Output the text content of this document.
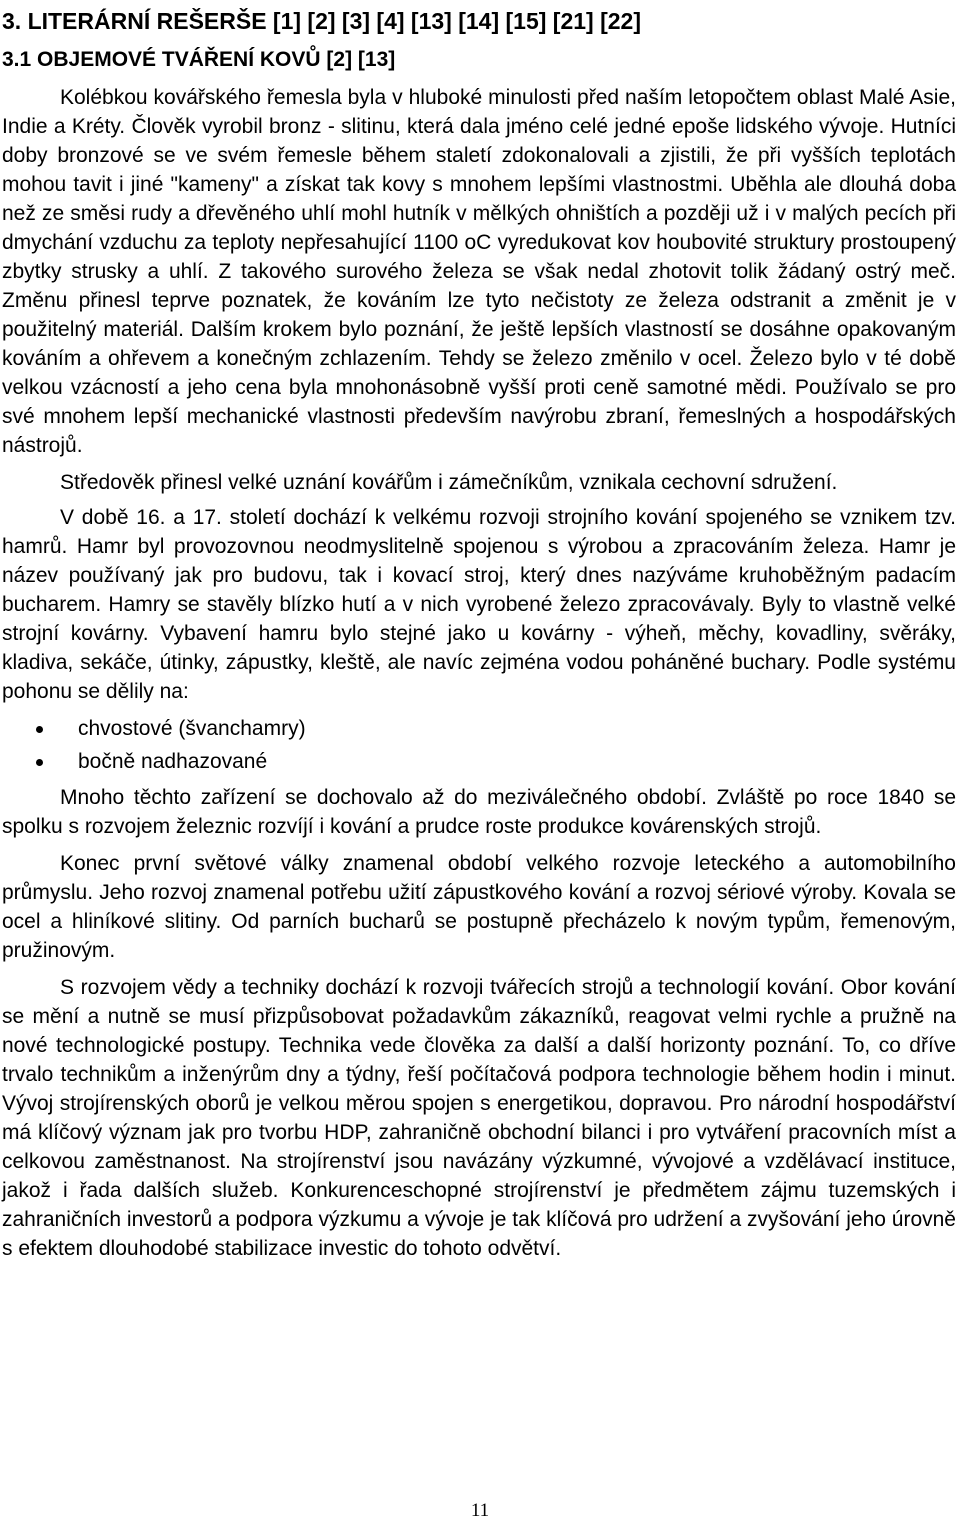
3. LITERÁRNÍ REŠERŠE [1] [2] [3] [4] [13] [14] [15] [21] [22]
3.1 OBJEMOVÉ TVÁŘENÍ KOVŮ [2] [13]

Kolébkou kovářského řemesla byla v hluboké minulosti před naším letopočtem oblast Malé Asie, Indie a Kréty. Člověk vyrobil bronz - slitinu, která dala jméno celé jedné epoše lidského vývoje. Hutníci doby bronzové se ve svém řemesle během staletí zdokonalovali a zjistili, že při vyšších teplotách mohou tavit i jiné "kameny" a získat tak kovy s mnohem lepšími vlastnostmi. Uběhla ale dlouhá doba než ze směsi rudy a dřevěného uhlí mohl hutník v mělkých ohništích a později už i v malých pecích při dmychání vzduchu za teploty nepřesahující 1100 oC vyredukovat kov houbovité struktury prostoupený zbytky strusky a uhlí. Z takového surového železa se však nedal zhotovit tolik žádaný ostrý meč. Změnu přinesl teprve poznatek, že kováním lze tyto nečistoty ze železa odstranit a změnit je v použitelný materiál. Dalším krokem bylo poznání, že ještě lepších vlastností se dosáhne opakovaným kováním a ohřevem a konečným zchlazením. Tehdy se železo změnilo v ocel. Železo bylo v té době velkou vzácností a jeho cena byla mnohonásobně vyšší proti ceně samotné mědi. Používalo se pro své mnohem lepší mechanické vlastnosti především navýrobu zbraní, řemeslných a hospodářských nástrojů.

Středověk přinesl velké uznání kovářům i zámečníkům, vznikala cechovní sdružení.

V době 16. a 17. století dochází k velkému rozvoji strojního kování spojeného se vznikem tzv. hamrů. Hamr byl provozovnou neodmyslitelně spojenou s výrobou a zpracováním železa. Hamr je název používaný jak pro budovu, tak i kovací stroj, který dnes nazýváme kruhoběžným padacím bucharem. Hamry se stavěly blízko hutí a v nich vyrobené železo zpracovávaly. Byly to vlastně velké strojní kovárny. Vybavení hamru bylo stejné jako u kovárny - výheň, měchy, kovadliny, svěráky, kladiva, sekáče, útinky, zápustky, kleště, ale navíc zejména vodou poháněné buchary. Podle systému pohonu se dělily na:

chvostové (švanchamry)
bočně nadhazované

Mnoho těchto zařízení se dochovalo až do meziválečného období. Zvláště po roce 1840 se spolku s rozvojem železnic rozvíjí i kování a prudce roste produkce kovárenských strojů.

Konec první světové války znamenal období velkého rozvoje leteckého a automobilního průmyslu. Jeho rozvoj znamenal potřebu užití zápustkového kování a rozvoj sériové výroby. Kovala se ocel a hliníkové slitiny. Od parních bucharů se postupně přecházelo k novým typům, řemenovým, pružinovým.

S rozvojem vědy a techniky dochází k rozvoji tvářecích strojů a technologií kování. Obor kování se mění a nutně se musí přizpůsobovat požadavkům zákazníků, reagovat velmi rychle a pružně na nové technologické postupy. Technika vede člověka za další a další horizonty poznání. To, co dříve trvalo technikům a inženýrům dny a týdny, řeší počítačová podpora technologie během hodin i minut. Vývoj strojírenských oborů je velkou měrou spojen s energetikou, dopravou. Pro národní hospodářství má klíčový význam jak pro tvorbu HDP, zahraničně obchodní bilanci i pro vytváření pracovních míst a celkovou zaměstnanost. Na strojírenství jsou navázány výzkumné, vývojové a vzdělávací instituce, jakož i řada dalších služeb. Konkurenceschopné strojírenství je předmětem zájmu tuzemských i zahraničních investorů a podpora výzkumu a vývoje je tak klíčová pro udržení a zvyšování jeho úrovně s efektem dlouhodobé stabilizace investic do tohoto odvětví.

11
